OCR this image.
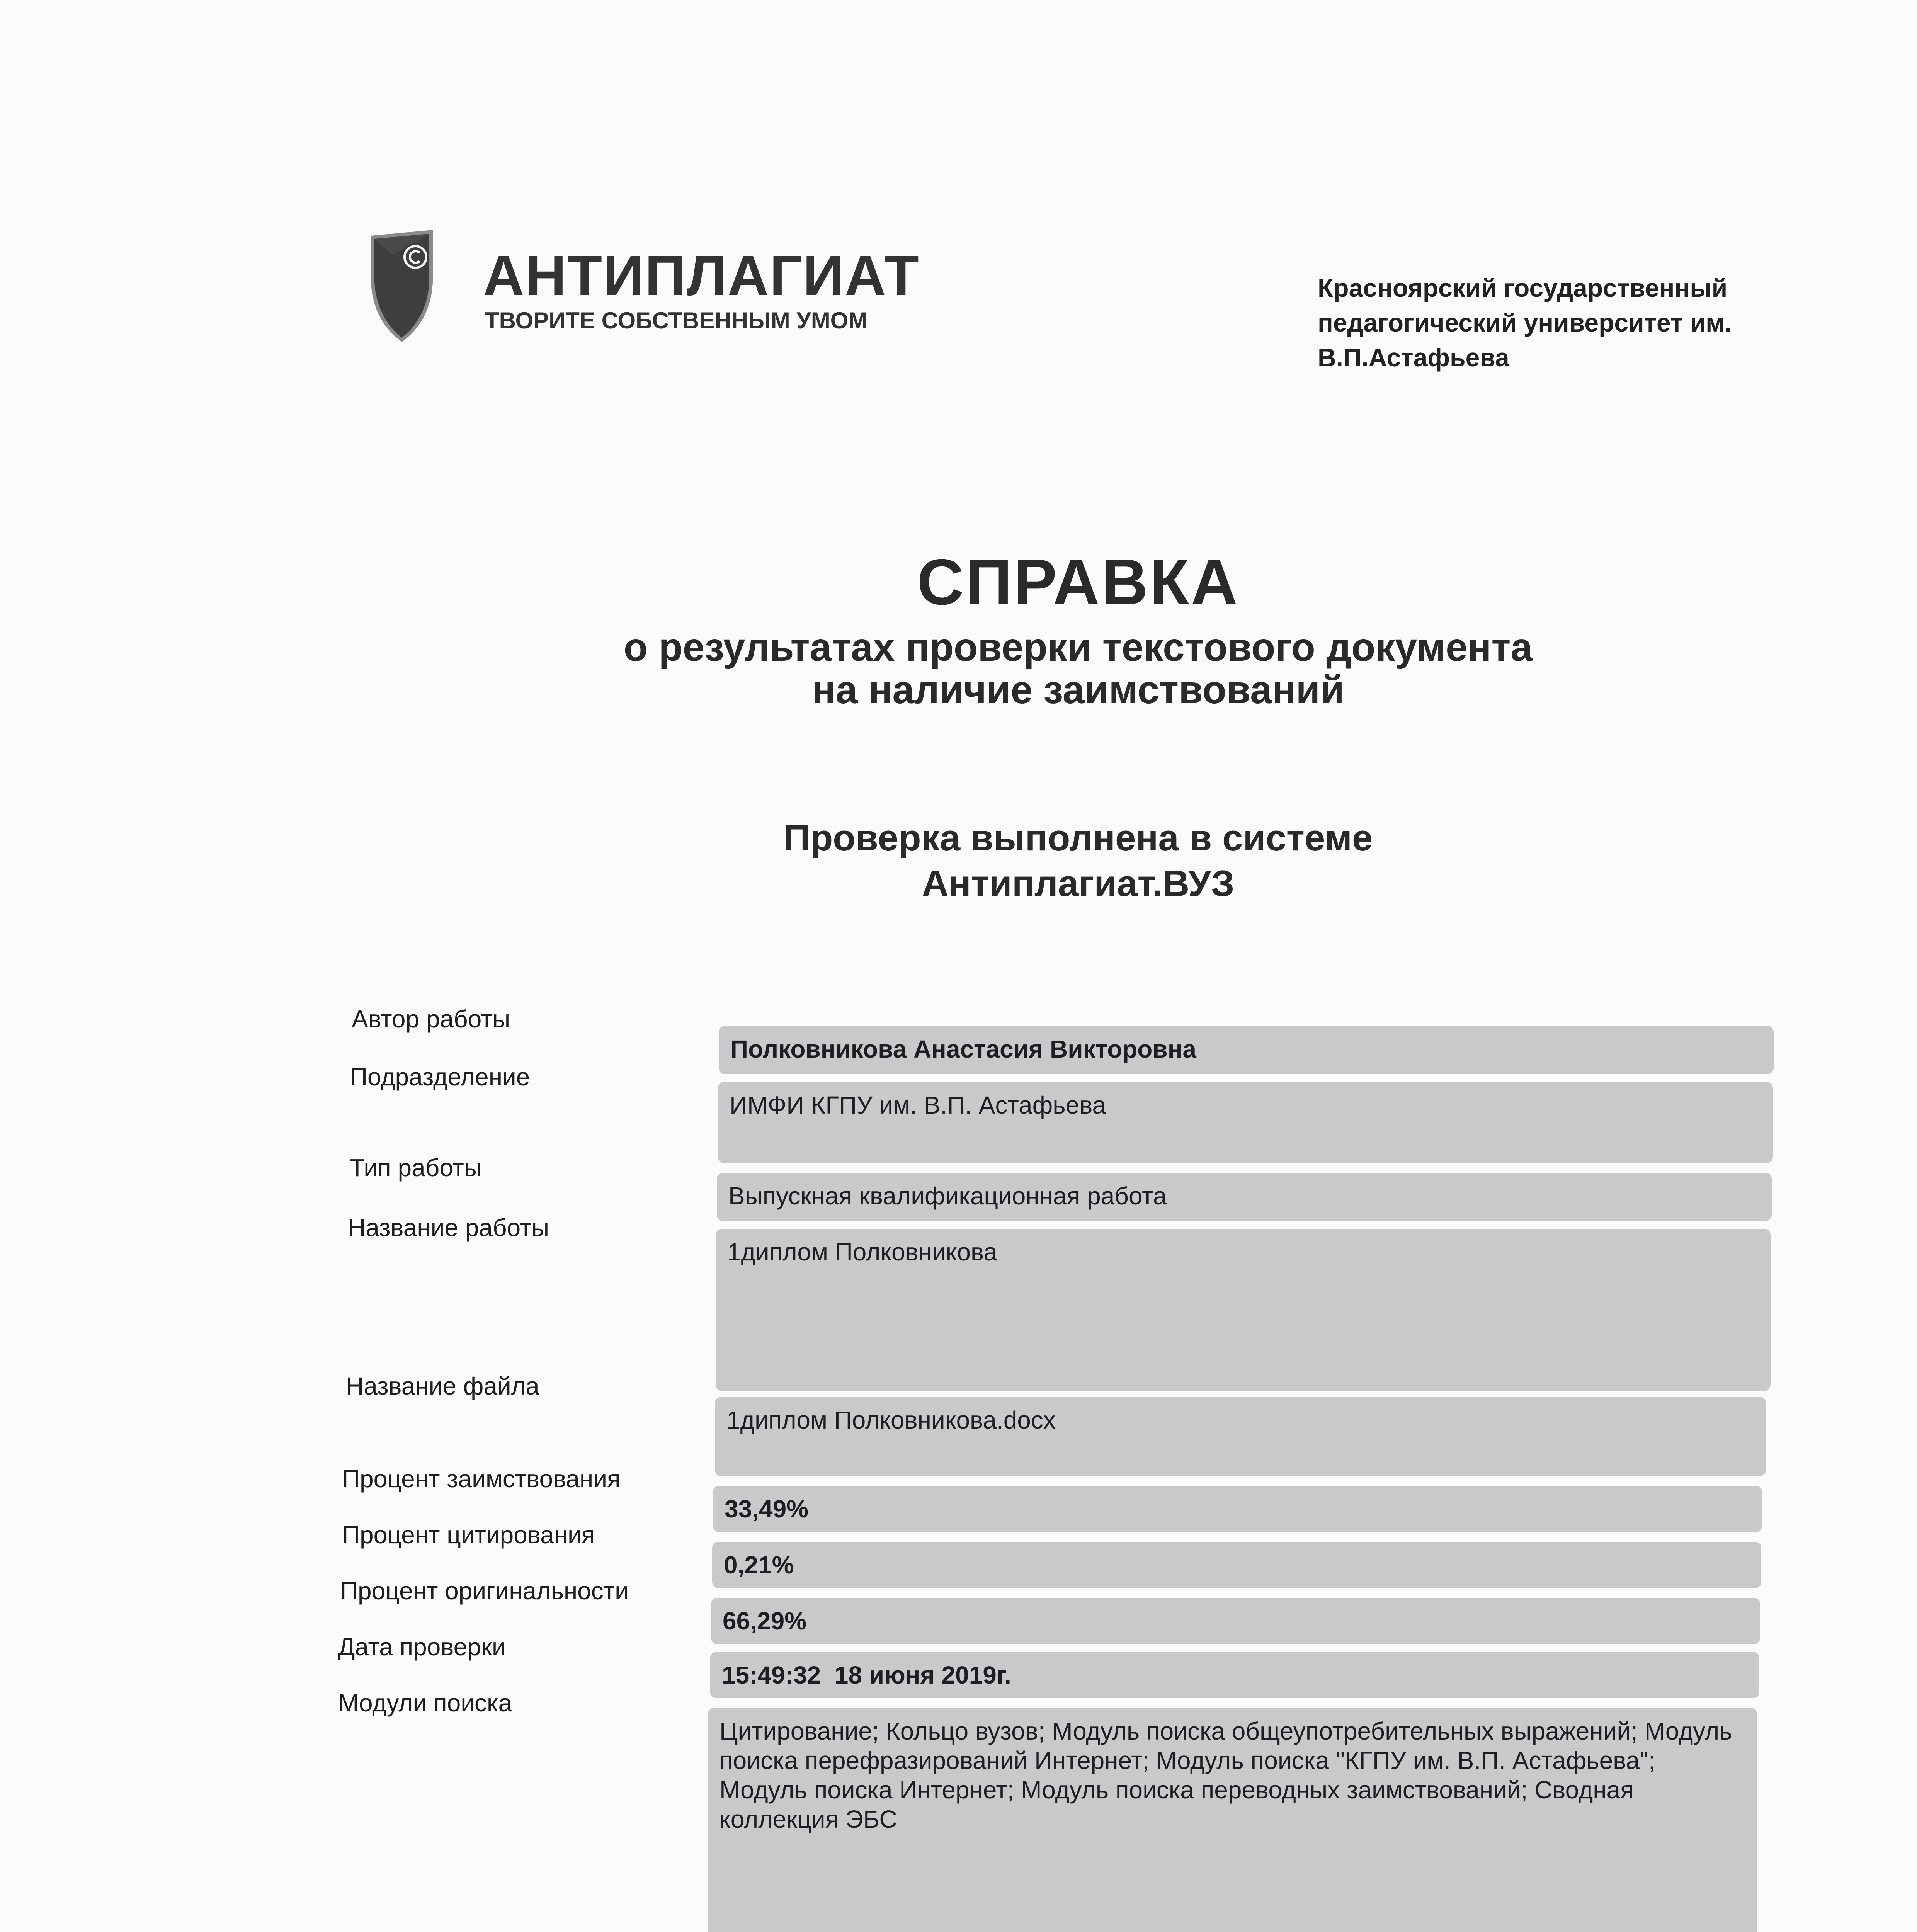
АНТИПЛАГИАТ
ТВОРИТЕ СОБСТВЕННЫМ УМОМ
Красноярский государственный
педагогический университет им.
В.П.Астафьева
СПРАВКА
о результатах проверки текстового документа
на наличие заимствований
Проверка выполнена в системе
Антиплагиат.ВУЗ
Автор работы
Полковникова Анастасия Викторовна
Подразделение
ИМФИ КГПУ им. В.П. Астафьева
Тип работы
Выпускная квалификационная работа
Название работы
1диплом Полковникова
Название файла
1диплом Полковникова.docx
Процент заимствования
33,49%
Процент цитирования
0,21%
Процент оригинальности
66,29%
Дата проверки
15:49:32  18 июня 2019г.
Модули поиска
Цитирование; Кольцо вузов; Модуль поиска общеупотребительных выражений; Модуль поиска перефразирований Интернет; Модуль поиска "КГПУ им. В.П. Астафьева"; Модуль поиска Интернет; Модуль поиска переводных заимствований; Сводная коллекция ЭБС
